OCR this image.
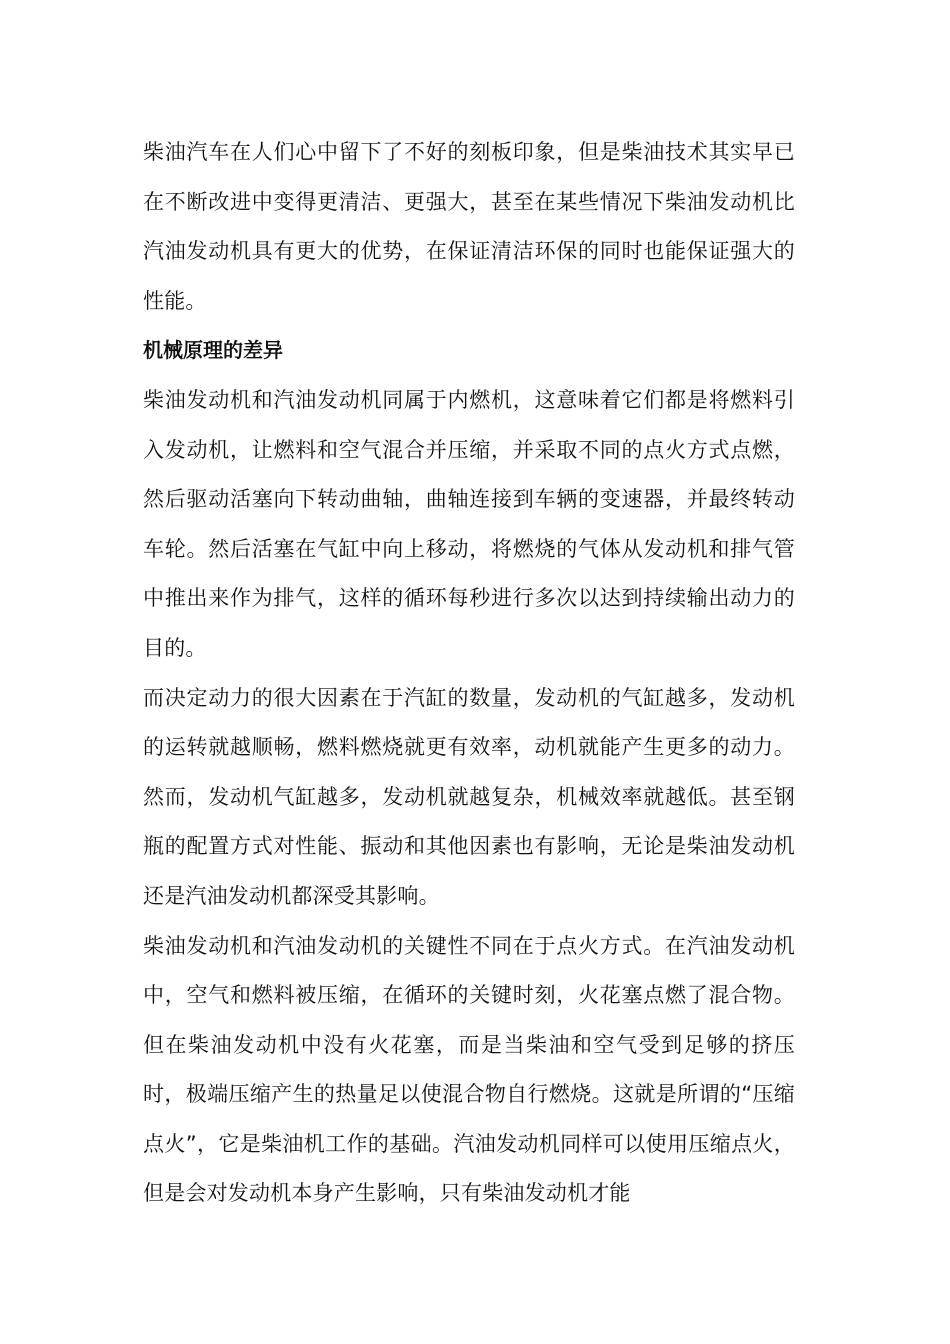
柴油汽车在人们心中留下了不好的刻板印象，但是柴油技术其实早已在不断改进中变得更清洁、更强大，甚至在某些情况下柴油发动机比汽油发动机具有更大的优势，在保证清洁环保的同时也能保证强大的性能。

机械原理的差异

柴油发动机和汽油发动机同属于内燃机，这意味着它们都是将燃料引入发动机，让燃料和空气混合并压缩，并采取不同的点火方式点燃，然后驱动活塞向下转动曲轴，曲轴连接到车辆的变速器，并最终转动车轮。然后活塞在气缸中向上移动，将燃烧的气体从发动机和排气管中推出来作为排气，这样的循环每秒进行多次以达到持续输出动力的目的。

而决定动力的很大因素在于汽缸的数量，发动机的气缸越多，发动机的运转就越顺畅，燃料燃烧就更有效率，动机就能产生更多的动力。然而，发动机气缸越多，发动机就越复杂，机械效率就越低。甚至钢瓶的配置方式对性能、振动和其他因素也有影响，无论是柴油发动机还是汽油发动机都深受其影响。

柴油发动机和汽油发动机的关键性不同在于点火方式。在汽油发动机中，空气和燃料被压缩，在循环的关键时刻，火花塞点燃了混合物。但在柴油发动机中没有火花塞，而是当柴油和空气受到足够的挤压时，极端压缩产生的热量足以使混合物自行燃烧。这就是所谓的“压缩点火”，它是柴油机工作的基础。汽油发动机同样可以使用压缩点火，但是会对发动机本身产生影响，只有柴油发动机才能
